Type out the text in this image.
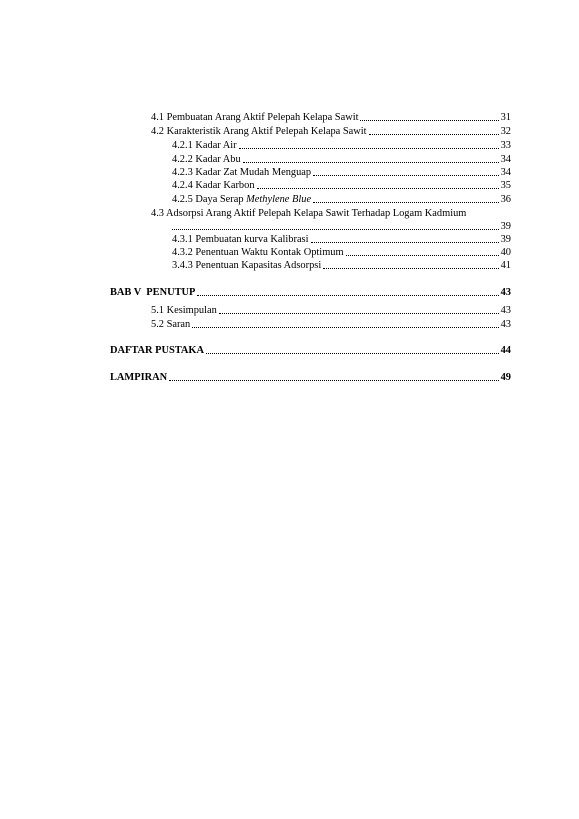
4.1 Pembuatan Arang Aktif Pelepah Kelapa Sawit	31
4.2 Karakteristik Arang Aktif Pelepah Kelapa Sawit	32
4.2.1 Kadar Air	33
4.2.2 Kadar Abu	34
4.2.3 Kadar Zat Mudah Menguap	34
4.2.4 Kadar Karbon	35
4.2.5 Daya Serap Methylene Blue	36
4.3 Adsorpsi Arang Aktif Pelepah Kelapa Sawit Terhadap Logam Kadmium
39
4.3.1 Pembuatan kurva Kalibrasi	39
4.3.2 Penentuan Waktu Kontak Optimum	40
3.4.3 Penentuan Kapasitas Adsorpsi	41
BAB V  PENUTUP	43
5.1 Kesimpulan	43
5.2 Saran	43
DAFTAR PUSTAKA	44
LAMPIRAN	49
